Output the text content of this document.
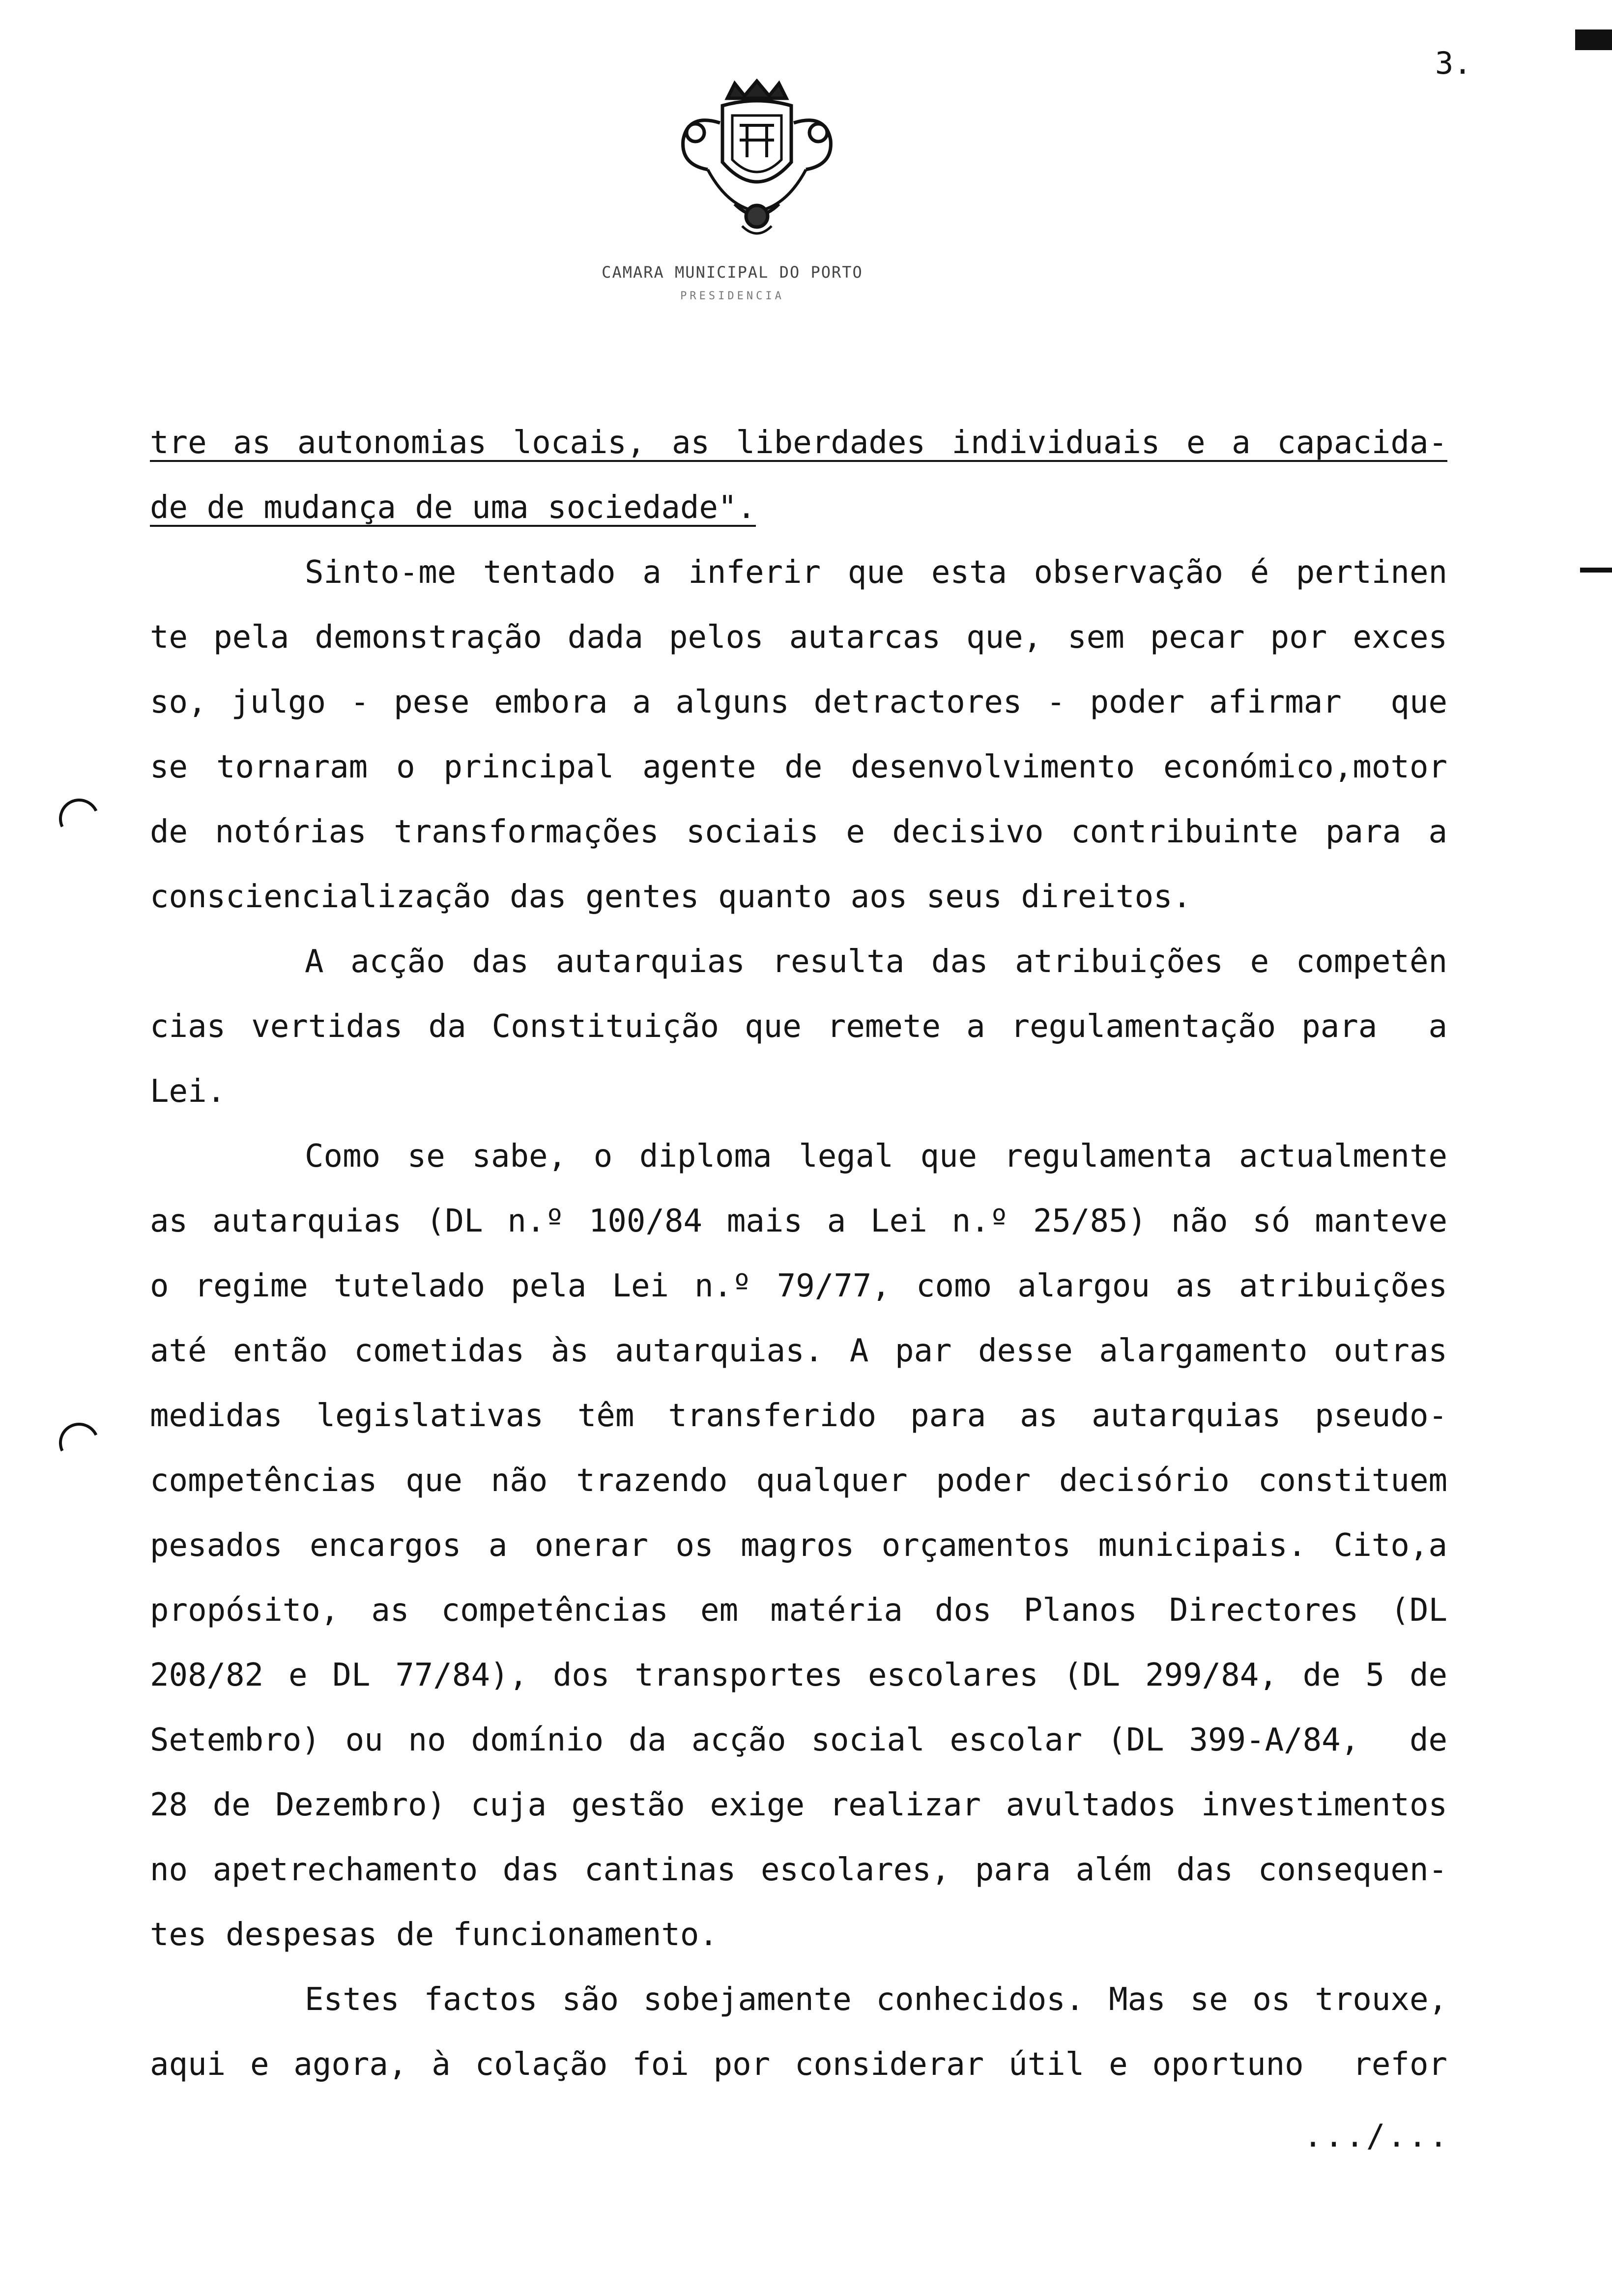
3.
CAMARA MUNICIPAL DO PORTO
PRESIDENCIA
tre as autonomias locais, as liberdades individuais e a capacida-
de de mudança de uma sociedade".
Sinto-me tentado a inferir que esta observação é pertinen
te pela demonstração dada pelos autarcas que, sem pecar por exces
so, julgo - pese embora a alguns detractores - poder afirmar  que
se tornaram o principal agente de desenvolvimento económico,motor
de notórias transformações sociais e decisivo contribuinte para a
consciencialização das gentes quanto aos seus direitos.
A acção das autarquias resulta das atribuições e competên
cias vertidas da Constituição que remete a regulamentação para  a
Lei.
Como se sabe, o diploma legal que regulamenta actualmente
as autarquias (DL n.º 100/84 mais a Lei n.º 25/85) não só manteve
o regime tutelado pela Lei n.º 79/77, como alargou as atribuições
até então cometidas às autarquias. A par desse alargamento outras
medidas legislativas têm transferido para as autarquias pseudo-
competências que não trazendo qualquer poder decisório constituem
pesados encargos a onerar os magros orçamentos municipais. Cito,a
propósito, as competências em matéria dos Planos Directores (DL
208/82 e DL 77/84), dos transportes escolares (DL 299/84, de 5 de
Setembro) ou no domínio da acção social escolar (DL 399-A/84,  de
28 de Dezembro) cuja gestão exige realizar avultados investimentos
no apetrechamento das cantinas escolares, para além das consequen-
tes despesas de funcionamento.
Estes factos são sobejamente conhecidos. Mas se os trouxe,
aqui e agora, à colação foi por considerar útil e oportuno  refor
.../...
